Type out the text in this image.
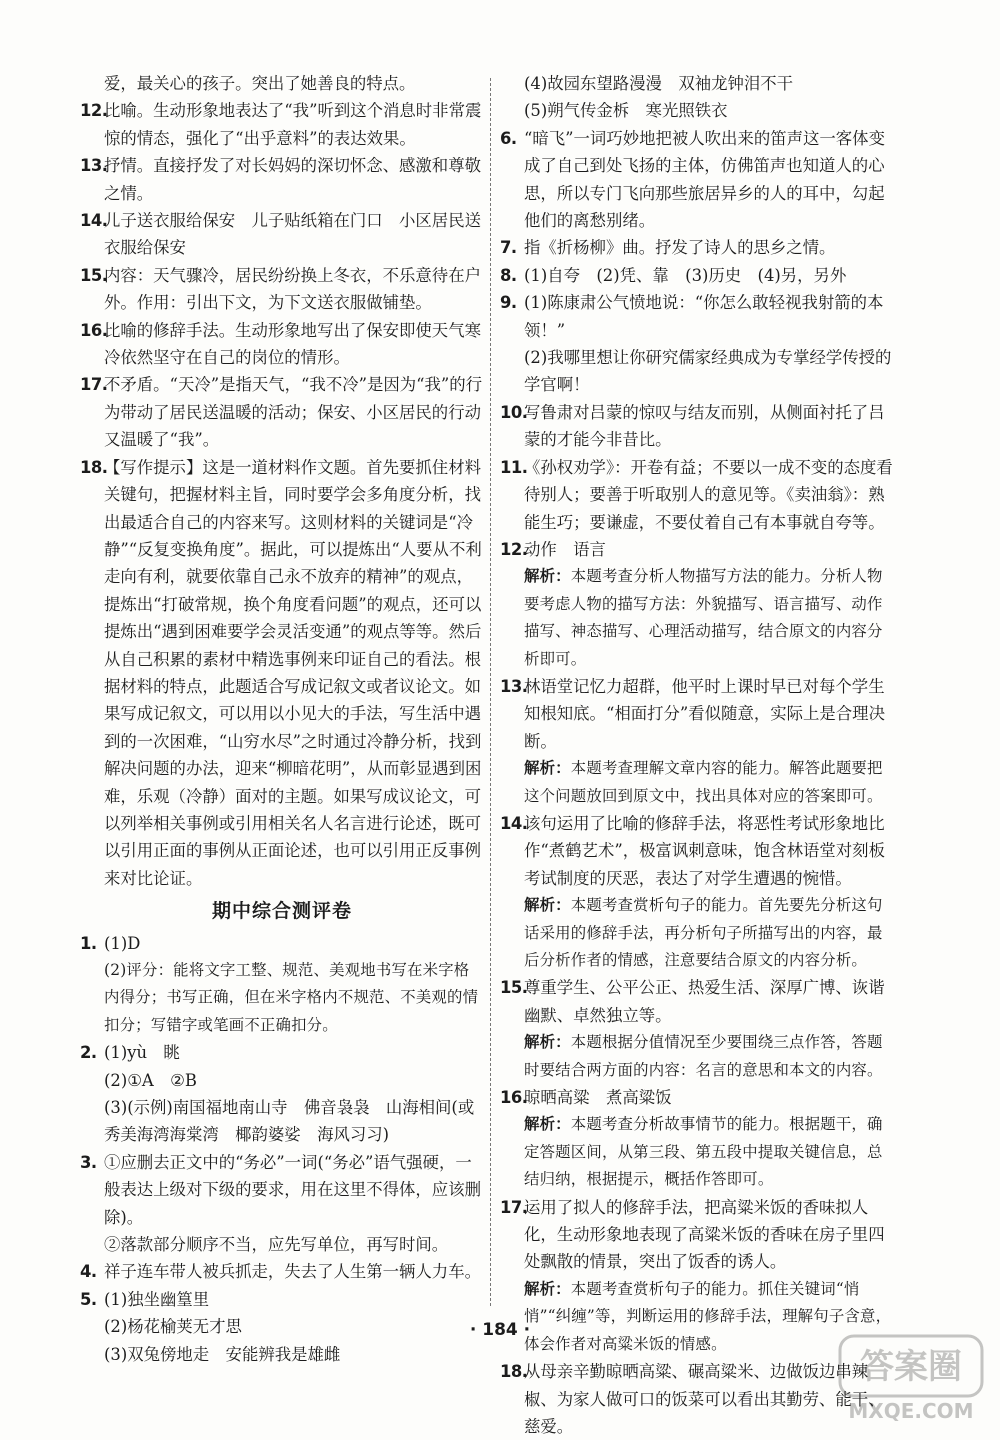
爱，最关心的孩子。突出了她善良的特点。

12.比喻。生动形象地表达了“我”听到这个消息时非常震惊的情态，强化了“出乎意料”的表达效果。

13.抒情。直接抒发了对长妈妈的深切怀念、感激和尊敬之情。

14.儿子送衣服给保安　儿子贴纸箱在门口　小区居民送衣服给保安

15.内容：天气骤冷，居民纷纷换上冬衣，不乐意待在户外。作用：引出下文，为下文送衣服做铺垫。

16.比喻的修辞手法。生动形象地写出了保安即使天气寒冷依然坚守在自己的岗位的情形。

17.不矛盾。“天冷”是指天气，“我不冷”是因为“我”的行为带动了居民送温暖的活动；保安、小区居民的行动又温暖了“我”。

18.【写作提示】这是一道材料作文题。首先要抓住材料关键句，把握材料主旨，同时要学会多角度分析，找出最适合自己的内容来写。这则材料的关键词是“冷静”“反复变换角度”。据此，可以提炼出“人要从不利走向有利，就要依靠自己永不放弃的精神”的观点，提炼出“打破常规，换个角度看问题”的观点，还可以提炼出“遇到困难要学会灵活变通”的观点等等。然后从自己积累的素材中精选事例来印证自己的看法。根据材料的特点，此题适合写成记叙文或者议论文。如果写成记叙文，可以用以小见大的手法，写生活中遇到的一次困难，“山穷水尽”之时通过冷静分析，找到解决问题的办法，迎来“柳暗花明”，从而彰显遇到困难，乐观（冷静）面对的主题。如果写成议论文，可以列举相关事例或引用相关名人名言进行论述，既可以引用正面的事例从正面论述，也可以引用正反事例来对比论证。

期中综合测评卷

1. (1)D

(2)评分：能将文字工整、规范、美观地书写在米字格内得分；书写正确，但在米字格内不规范、不美观的情扣分；写错字或笔画不正确扣分。

2. (1)yù　眺

(2)①A　②B

(3)(示例)南国福地南山寺　佛音袅袅　山海相间(或秀美海湾海棠湾　椰韵婆娑　海风习习)

3. ①应删去正文中的“务必”一词(“务必”语气强硬，一般表达上级对下级的要求，用在这里不得体，应该删除)。

②落款部分顺序不当，应先写单位，再写时间。

4. 祥子连车带人被兵抓走，失去了人生第一辆人力车。

5. (1)独坐幽篁里

(2)杨花榆荚无才思

(3)双兔傍地走　安能辨我是雄雌

(4)故园东望路漫漫　双袖龙钟泪不干

(5)朔气传金柝　寒光照铁衣

6. “暗飞”一词巧妙地把被人吹出来的笛声这一客体变成了自己到处飞扬的主体，仿佛笛声也知道人的心思，所以专门飞向那些旅居异乡的人的耳中，勾起他们的离愁别绪。

7. 指《折杨柳》曲。抒发了诗人的思乡之情。

8. (1)自夸　(2)凭、靠　(3)历史　(4)另，另外

9. (1)陈康肃公气愤地说：“你怎么敢轻视我射箭的本领！”

(2)我哪里想让你研究儒家经典成为专掌经学传授的学官啊！

10.写鲁肃对吕蒙的惊叹与结友而别，从侧面衬托了吕蒙的才能今非昔比。

11.《孙权劝学》：开卷有益；不要以一成不变的态度看待别人；要善于听取别人的意见等。《卖油翁》：熟能生巧；要谦虚，不要仗着自己有本事就自夸等。

12.动作　语言

解析：本题考查分析人物描写方法的能力。分析人物要考虑人物的描写方法：外貌描写、语言描写、动作描写、神态描写、心理活动描写，结合原文的内容分析即可。

13.林语堂记忆力超群，他平时上课时早已对每个学生知根知底。“相面打分”看似随意，实际上是合理决断。

解析：本题考查理解文章内容的能力。解答此题要把这个问题放回到原文中，找出具体对应的答案即可。

14.该句运用了比喻的修辞手法，将恶性考试形象地比作“煮鹤艺术”，极富讽刺意味，饱含林语堂对刻板考试制度的厌恶，表达了对学生遭遇的惋惜。

解析：本题考查赏析句子的能力。首先要先分析这句话采用的修辞手法，再分析句子所描写出的内容，最后分析作者的情感，注意要结合原文的内容分析。

15.尊重学生、公平公正、热爱生活、深厚广博、诙谐幽默、卓然独立等。

解析：本题根据分值情况至少要围绕三点作答，答题时要结合两方面的内容：名言的意思和本文的内容。

16.晾晒高粱　煮高粱饭

解析：本题考查分析故事情节的能力。根据题干，确定答题区间，从第三段、第五段中提取关键信息，总结归纳，根据提示，概括作答即可。

17.运用了拟人的修辞手法，把高粱米饭的香味拟人化，生动形象地表现了高粱米饭的香味在房子里四处飘散的情景，突出了饭香的诱人。

解析：本题考查赏析句子的能力。抓住关键词“悄悄”“纠缠”等，判断运用的修辞手法，理解句子含意，体会作者对高粱米饭的情感。

18.从母亲辛勤晾晒高粱、碾高粱米、边做饭边串辣椒、为家人做可口的饭菜可以看出其勤劳、能干、慈爱。

· 184 ·
答案圈
MXQE.COM
